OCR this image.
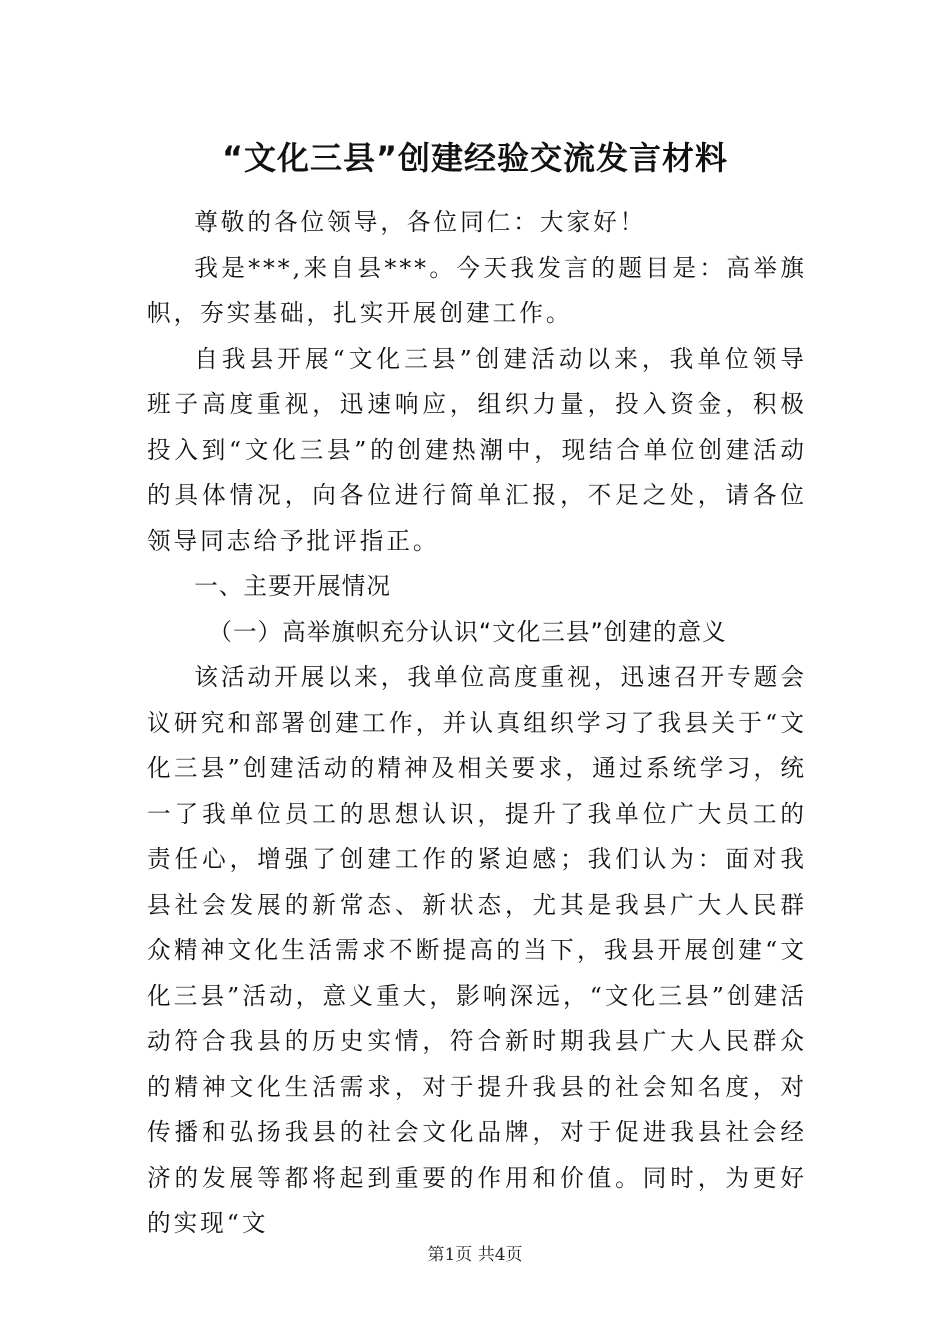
“文化三县”创建经验交流发言材料

尊敬的各位领导，各位同仁：大家好！

我是***,来自县***。今天我发言的题目是：高举旗帜，夯实基础，扎实开展创建工作。

自我县开展“文化三县”创建活动以来，我单位领导班子高度重视，迅速响应，组织力量，投入资金，积极投入到“文化三县”的创建热潮中，现结合单位创建活动的具体情况，向各位进行简单汇报，不足之处，请各位领导同志给予批评指正。

一、主要开展情况

（一）高举旗帜充分认识“文化三县”创建的意义

该活动开展以来，我单位高度重视，迅速召开专题会议研究和部署创建工作，并认真组织学习了我县关于“文化三县”创建活动的精神及相关要求，通过系统学习，统一了我单位员工的思想认识，提升了我单位广大员工的责任心，增强了创建工作的紧迫感；我们认为：面对我县社会发展的新常态、新状态，尤其是我县广大人民群众精神文化生活需求不断提高的当下，我县开展创建“文化三县”活动，意义重大，影响深远，“文化三县”创建活动符合我县的历史实情，符合新时期我县广大人民群众的精神文化生活需求，对于提升我县的社会知名度，对传播和弘扬我县的社会文化品牌，对于促进我县社会经济的发展等都将起到重要的作用和价值。同时，为更好的实现“文

第1页 共4页
